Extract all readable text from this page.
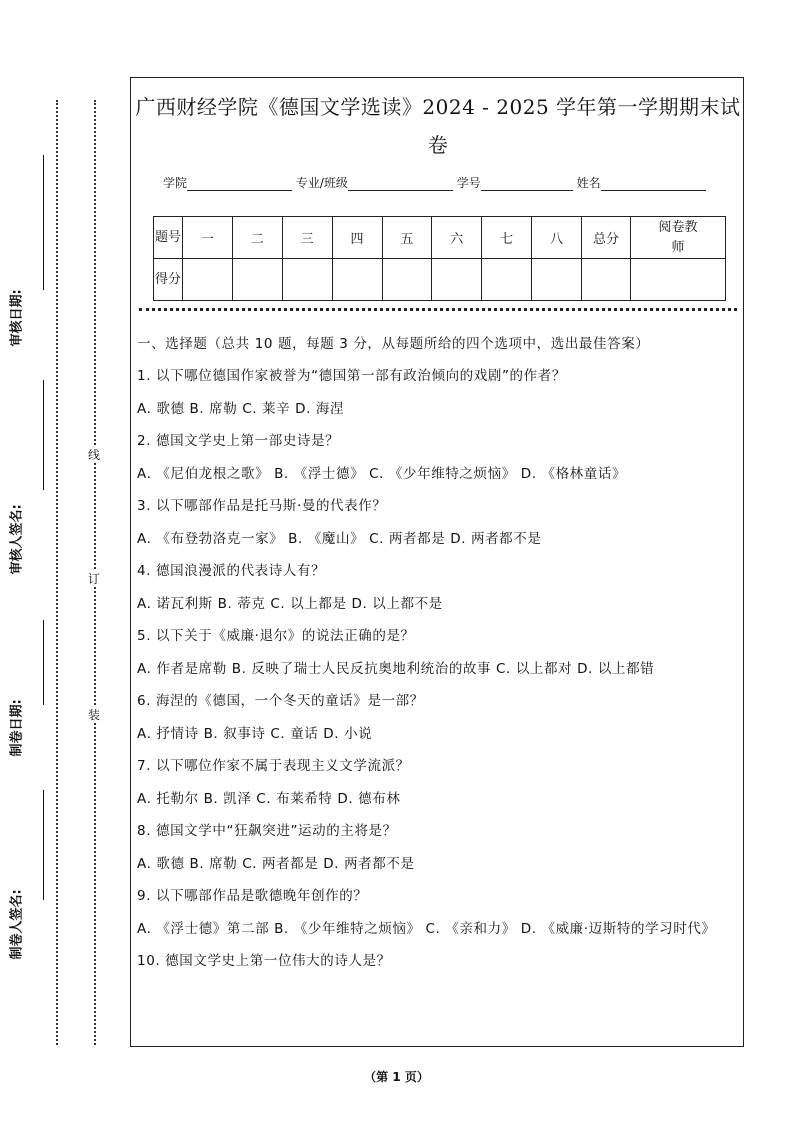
审核日期:
审核人签名:
制卷日期:
制卷人签名:
线
订
装
广西财经学院《德国文学选读》2024 - 2025 学年第一学期期末试
卷
学院	专业/班级	学号	姓名
题号	一	二	三	四	五	六	七	八	总分	阅卷教师
得分										

一、选择题（总共 10 题，每题 3 分，从每题所给的四个选项中，选出最佳答案）

1. 以下哪位德国作家被誉为“德国第一部有政治倾向的戏剧”的作者？

A. 歌德 B. 席勒 C. 莱辛 D. 海涅

2. 德国文学史上第一部史诗是？

A. 《尼伯龙根之歌》 B. 《浮士德》 C. 《少年维特之烦恼》 D. 《格林童话》

3. 以下哪部作品是托马斯·曼的代表作？

A. 《布登勃洛克一家》 B. 《魔山》 C. 两者都是 D. 两者都不是

4. 德国浪漫派的代表诗人有？

A. 诺瓦利斯 B. 蒂克 C. 以上都是 D. 以上都不是

5. 以下关于《威廉·退尔》的说法正确的是？

A. 作者是席勒 B. 反映了瑞士人民反抗奥地利统治的故事 C. 以上都对 D. 以上都错

6. 海涅的《德国，一个冬天的童话》是一部？

A. 抒情诗 B. 叙事诗 C. 童话 D. 小说

7. 以下哪位作家不属于表现主义文学流派？

A. 托勒尔 B. 凯泽 C. 布莱希特 D. 德布林

8. 德国文学中“狂飙突进”运动的主将是？

A. 歌德 B. 席勒 C. 两者都是 D. 两者都不是

9. 以下哪部作品是歌德晚年创作的？

A. 《浮士德》第二部 B. 《少年维特之烦恼》 C. 《亲和力》 D. 《威廉·迈斯特的学习时代》

10. 德国文学史上第一位伟大的诗人是？

（第 1 页）
